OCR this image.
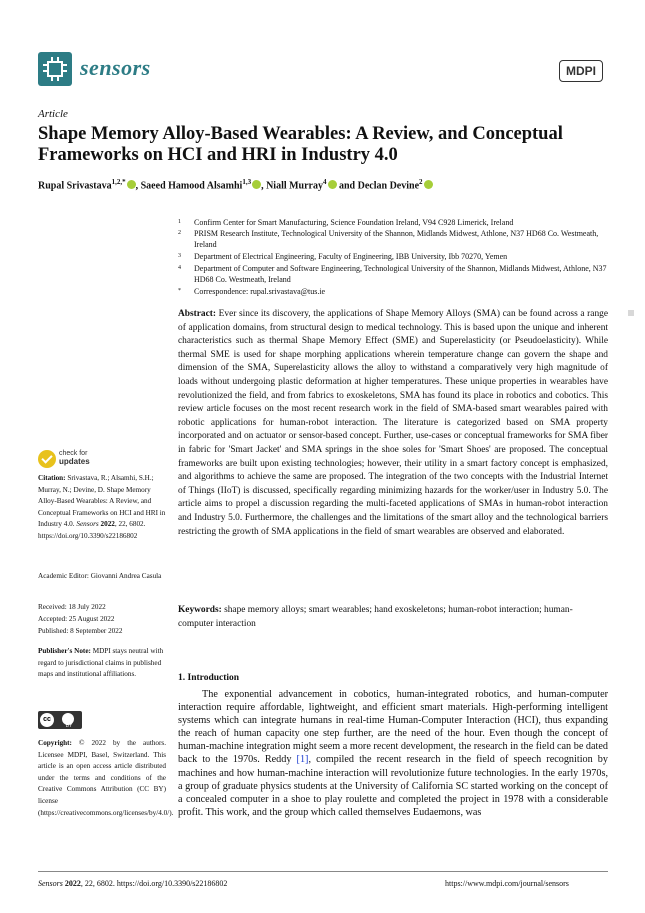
sensors	MDPI
Article
Shape Memory Alloy-Based Wearables: A Review, and Conceptual Frameworks on HCI and HRI in Industry 4.0
Rupal Srivastava$^{1,2,*}$ , Saeed Hamood Alsamhi$^{1,3}$ , Niall Murray$^4$ and Declan Devine$^2$
1 Confirm Center for Smart Manufacturing, Science Foundation Ireland, V94 C928 Limerick, Ireland
2 PRISM Research Institute, Technological University of the Shannon, Midlands Midwest, Athlone, N37 HD68 Co. Westmeath, Ireland
3 Department of Electrical Engineering, Faculty of Engineering, IBB University, Ibb 70270, Yemen
4 Department of Computer and Software Engineering, Technological University of the Shannon, Midlands Midwest, Athlone, N37 HD68 Co. Westmeath, Ireland
* Correspondence: rupal.srivastava@tus.ie
Abstract: Ever since its discovery, the applications of Shape Memory Alloys (SMA) can be found across a range of application domains, from structural design to medical technology. This is based upon the unique and inherent characteristics such as thermal Shape Memory Effect (SME) and Superelasticity (or Pseudoelasticity). While thermal SME is used for shape morphing applications wherein temperature change can govern the shape and dimension of the SMA, Superelasticity allows the alloy to withstand a comparatively very high magnitude of loads without undergoing plastic deformation at higher temperatures. These unique properties in wearables have revolutionized the field, and from fabrics to exoskeletons, SMA has found its place in robotics and cobotics. This review article focuses on the most recent research work in the field of SMA-based smart wearables paired with robotic applications for human-robot interaction. The literature is categorized based on SMA property incorporated and on actuator or sensor-based concept. Further, use-cases or conceptual frameworks for SMA fiber in fabric for 'Smart Jacket' and SMA springs in the shoe soles for 'Smart Shoes' are proposed. The conceptual frameworks are built upon existing technologies; however, their utility in a smart factory concept is emphasized, and algorithms to achieve the same are proposed. The integration of the two concepts with the Industrial Internet of Things (IIoT) is discussed, specifically regarding minimizing hazards for the worker/user in Industry 5.0. The article aims to propel a discussion regarding the multi-faceted applications of SMAs in human-robot interaction and Industry 5.0. Furthermore, the challenges and the limitations of the smart alloy and the technological barriers restricting the growth of SMA applications in the field of smart wearables are observed and elaborated.
Keywords: shape memory alloys; smart wearables; hand exoskeletons; human-robot interaction; human-computer interaction
check for
updates
Citation: Srivastava, R.; Alsamhi, S.H.; Murray, N.; Devine, D. Shape Memory Alloy-Based Wearables: A Review, and Conceptual Frameworks on HCI and HRI in Industry 4.0. Sensors 2022, 22, 6802. https://doi.org/10.3390/s22186802
Academic Editor: Giovanni Andrea Casula
Received: 18 July 2022
Accepted: 25 August 2022
Published: 8 September 2022
Publisher's Note: MDPI stays neutral with regard to jurisdictional claims in published maps and institutional affiliations.
cc
BY
Copyright: © 2022 by the authors. Licensee MDPI, Basel, Switzerland. This article is an open access article distributed under the terms and conditions of the Creative Commons Attribution (CC BY) license (https://creativecommons.org/licenses/by/4.0/).
1. Introduction
The exponential advancement in cobotics, human-integrated robotics, and human-computer interaction require affordable, lightweight, and efficient smart materials. High-performing intelligent systems which can integrate humans in real-time Human-Computer Interaction (HCI), thus expanding the reach of human capacity one step further, are the need of the hour. Even though the concept of human-machine integration might seem a more recent development, the research in the field can be dated back to the 1970s. Reddy [1], compiled the recent research in the field of speech recognition by machines and how human-machine interaction will revolutionize future technologies. In the early 1970s, a group of graduate physics students at the University of California SC started working on the concept of a concealed computer in a shoe to play roulette and completed the project in 1978 with a considerable profit. This work, and the group which called themselves Eudaemons, was
Sensors 2022, 22, 6802. https://doi.org/10.3390/s22186802	https://www.mdpi.com/journal/sensors
